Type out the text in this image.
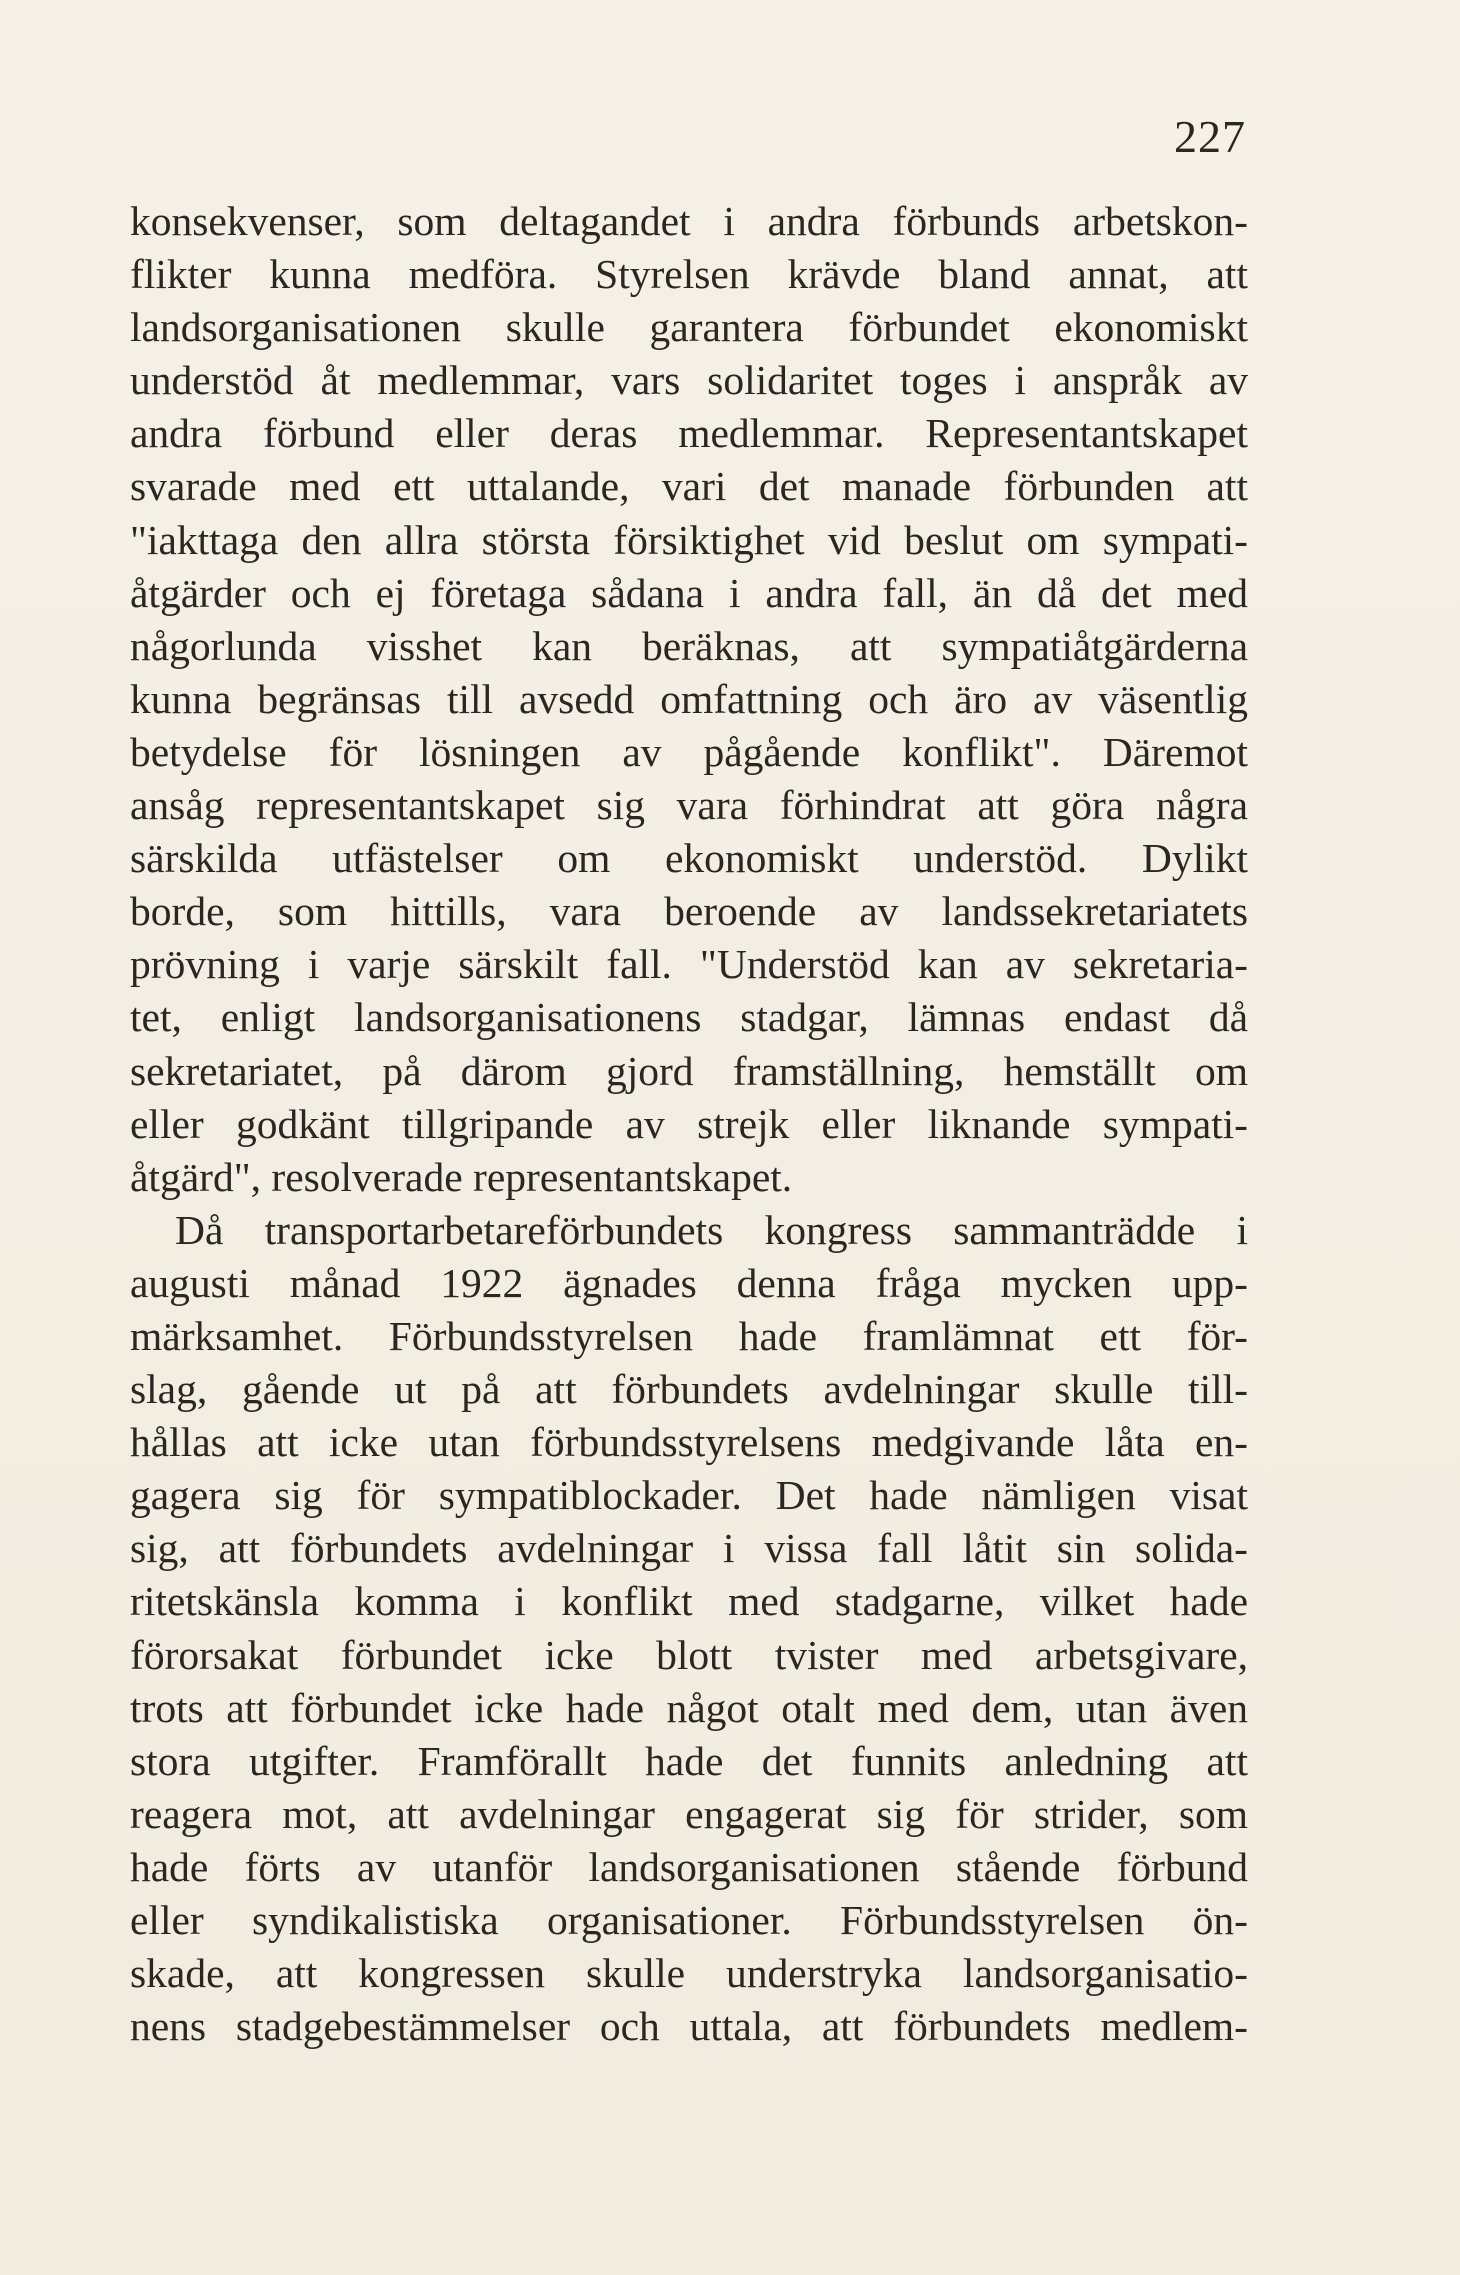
227
konsekvenser, som deltagandet i andra förbunds arbetskon-
flikter kunna medföra. Styrelsen krävde bland annat, att
landsorganisationen skulle garantera förbundet ekonomiskt
understöd åt medlemmar, vars solidaritet toges i anspråk av
andra förbund eller deras medlemmar. Representantskapet
svarade med ett uttalande, vari det manade förbunden att
"iakttaga den allra största försiktighet vid beslut om sympati-
åtgärder och ej företaga sådana i andra fall, än då det med
någorlunda visshet kan beräknas, att sympatiåtgärderna
kunna begränsas till avsedd omfattning och äro av väsentlig
betydelse för lösningen av pågående konflikt". Däremot
ansåg representantskapet sig vara förhindrat att göra några
särskilda utfästelser om ekonomiskt understöd. Dylikt
borde, som hittills, vara beroende av landssekretariatets
prövning i varje särskilt fall. "Understöd kan av sekretaria-
tet, enligt landsorganisationens stadgar, lämnas endast då
sekretariatet, på därom gjord framställning, hemställt om
eller godkänt tillgripande av strejk eller liknande sympati-
åtgärd", resolverade representantskapet.
Då transportarbetareförbundets kongress sammanträdde i
augusti månad 1922 ägnades denna fråga mycken upp-
märksamhet. Förbundsstyrelsen hade framlämnat ett för-
slag, gående ut på att förbundets avdelningar skulle till-
hållas att icke utan förbundsstyrelsens medgivande låta en-
gagera sig för sympatiblockader. Det hade nämligen visat
sig, att förbundets avdelningar i vissa fall låtit sin solida-
ritetskänsla komma i konflikt med stadgarne, vilket hade
förorsakat förbundet icke blott tvister med arbetsgivare,
trots att förbundet icke hade något otalt med dem, utan även
stora utgifter. Framförallt hade det funnits anledning att
reagera mot, att avdelningar engagerat sig för strider, som
hade förts av utanför landsorganisationen stående förbund
eller syndikalistiska organisationer. Förbundsstyrelsen ön-
skade, att kongressen skulle understryka landsorganisatio-
nens stadgebestämmelser och uttala, att förbundets medlem-
